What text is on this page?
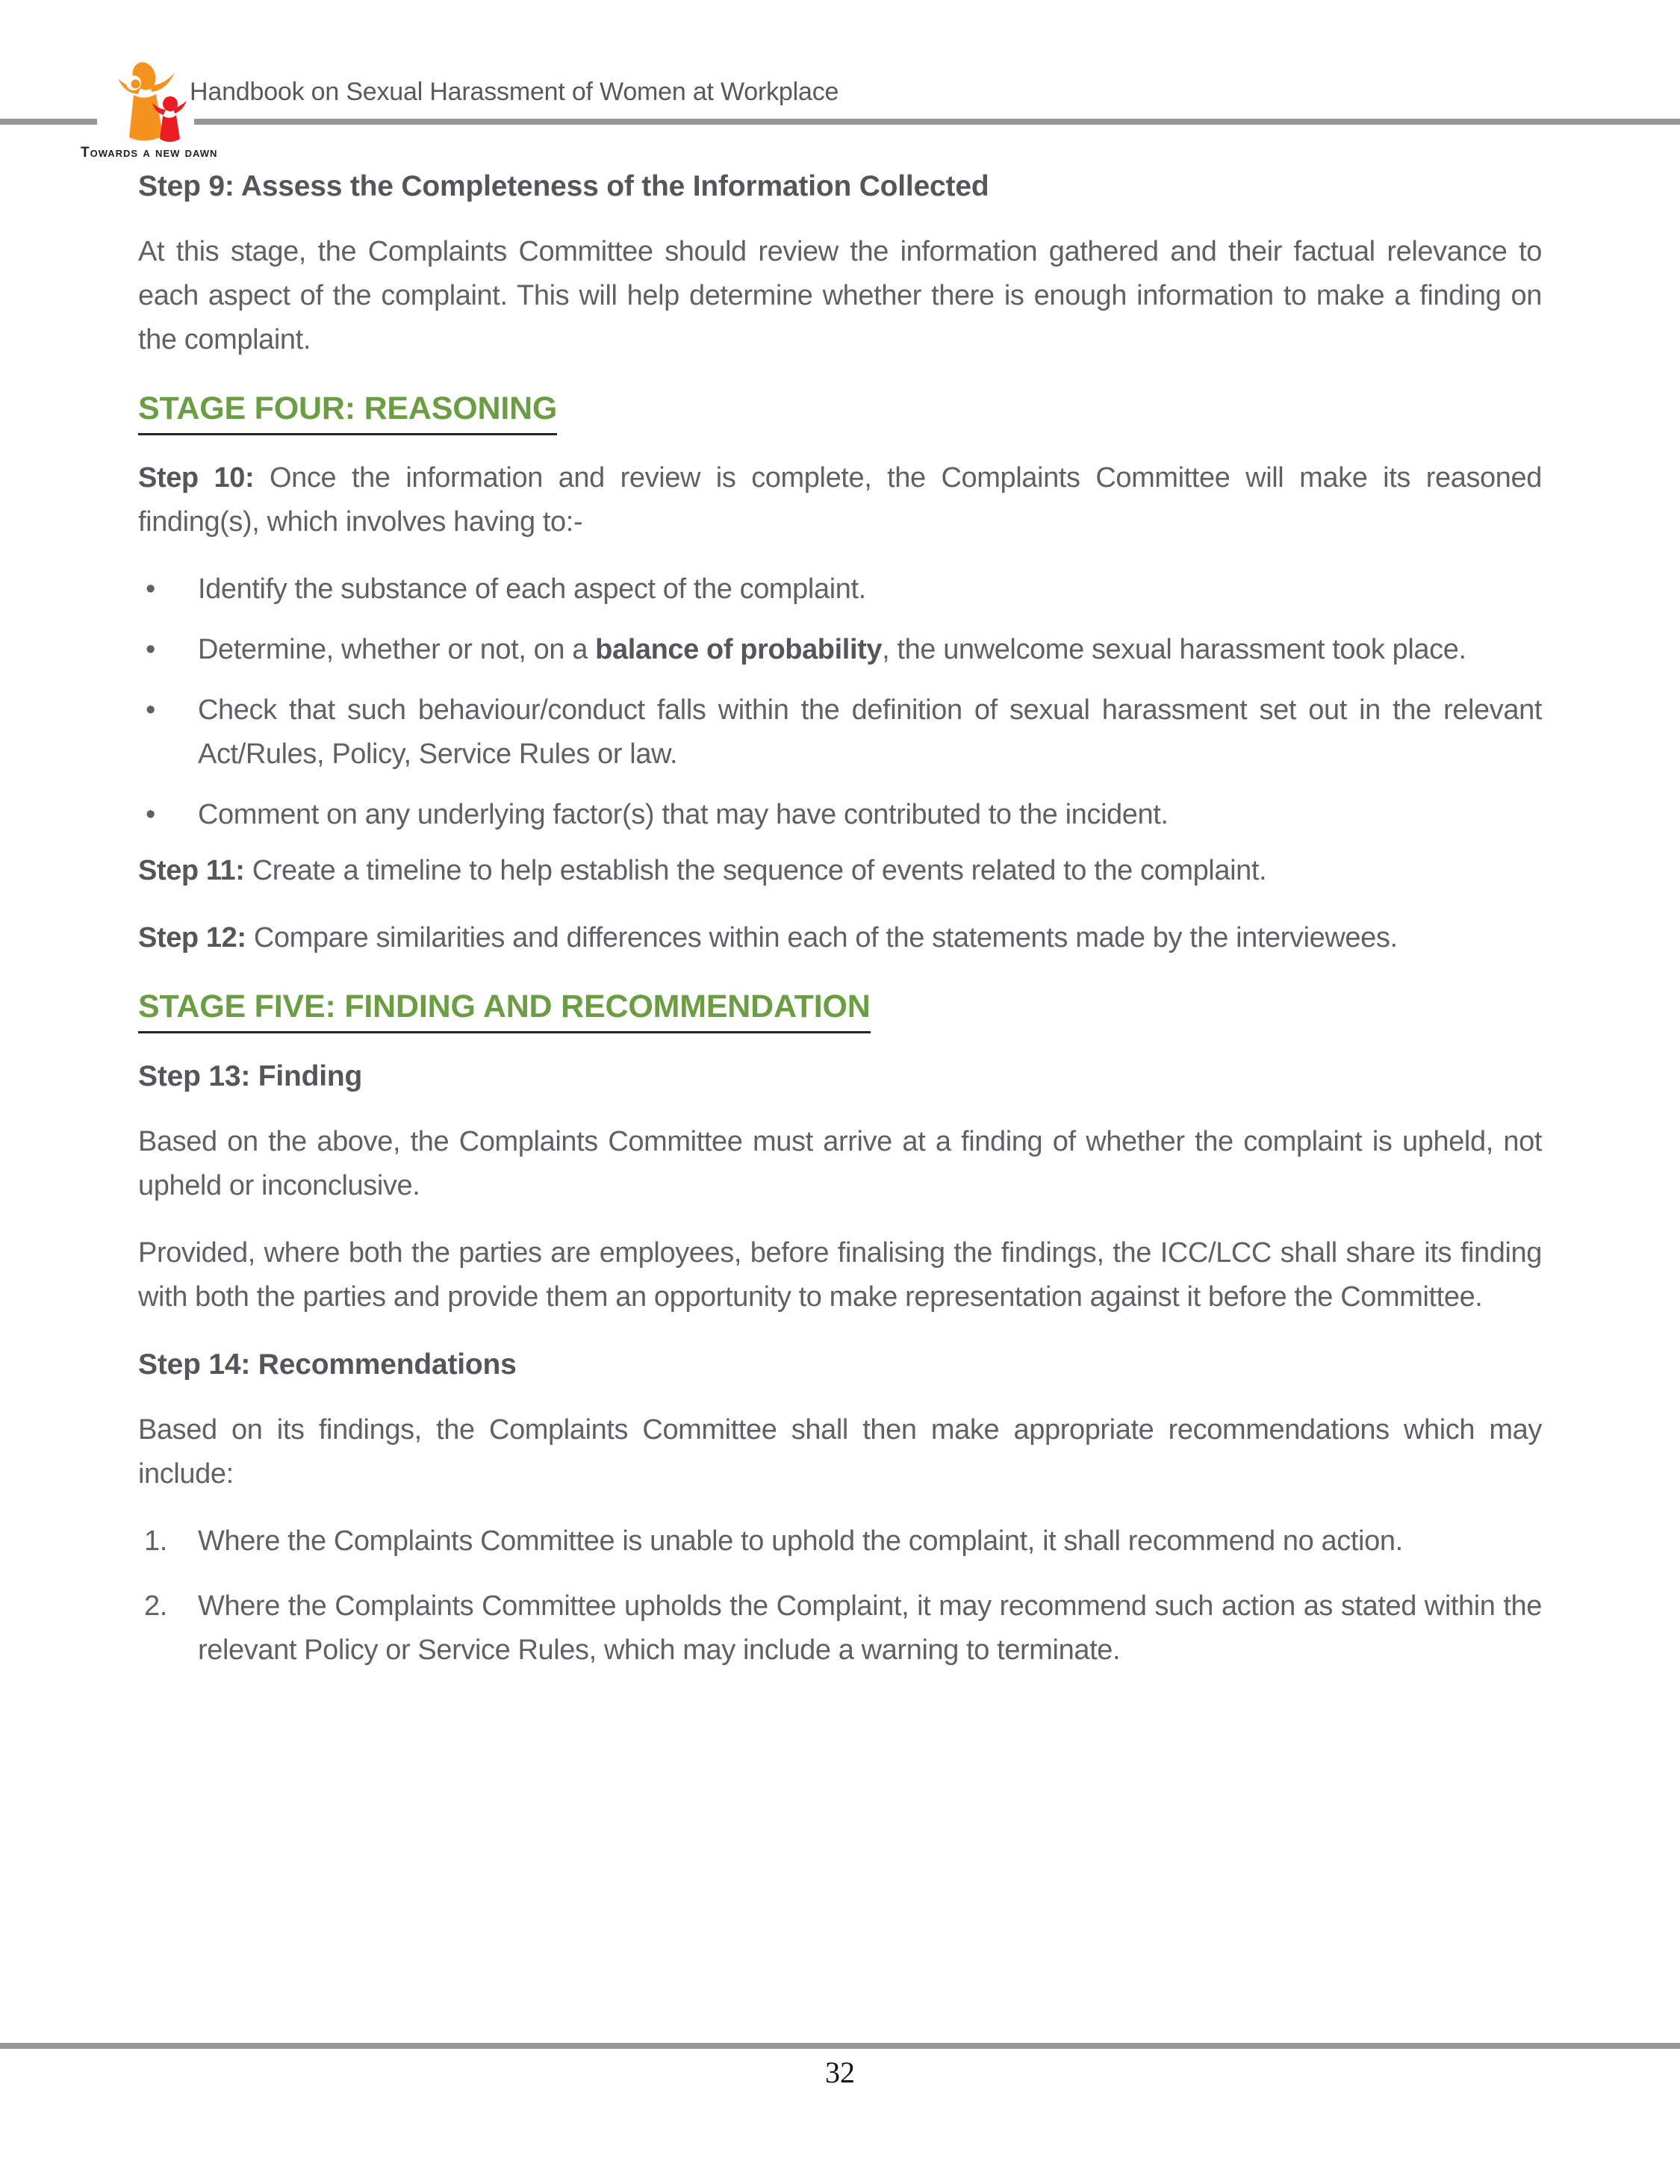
Towards a new dawn
Handbook on Sexual Harassment of Women at Workplace
Step 9: Assess the Completeness of the Information Collected

At this stage, the Complaints Committee should review the information gathered and their factual relevance to each aspect of the complaint. This will help determine whether there is enough information to make a finding on the complaint.

STAGE FOUR: REASONING

Step 10: Once the information and review is complete, the Complaints Committee will make its reasoned finding(s), which involves having to:-

• Identify the substance of each aspect of the complaint.
• Determine, whether or not, on a balance of probability, the unwelcome sexual harassment took place.
• Check that such behaviour/conduct falls within the definition of sexual harassment set out in the relevant Act/Rules, Policy, Service Rules or law.
• Comment on any underlying factor(s) that may have contributed to the incident.

Step 11: Create a timeline to help establish the sequence of events related to the complaint.

Step 12: Compare similarities and differences within each of the statements made by the interviewees.

STAGE FIVE: FINDING AND RECOMMENDATION
Step 13: Finding

Based on the above, the Complaints Committee must arrive at a finding of whether the complaint is upheld, not upheld or inconclusive.

Provided, where both the parties are employees, before finalising the findings, the ICC/LCC shall share its finding with both the parties and provide them an opportunity to make representation against it before the Committee.

Step 14: Recommendations

Based on its findings, the Complaints Committee shall then make appropriate recommendations which may include:

1. Where the Complaints Committee is unable to uphold the complaint, it shall recommend no action.
2. Where the Complaints Committee upholds the Complaint, it may recommend such action as stated within the relevant Policy or Service Rules, which may include a warning to terminate.
32
